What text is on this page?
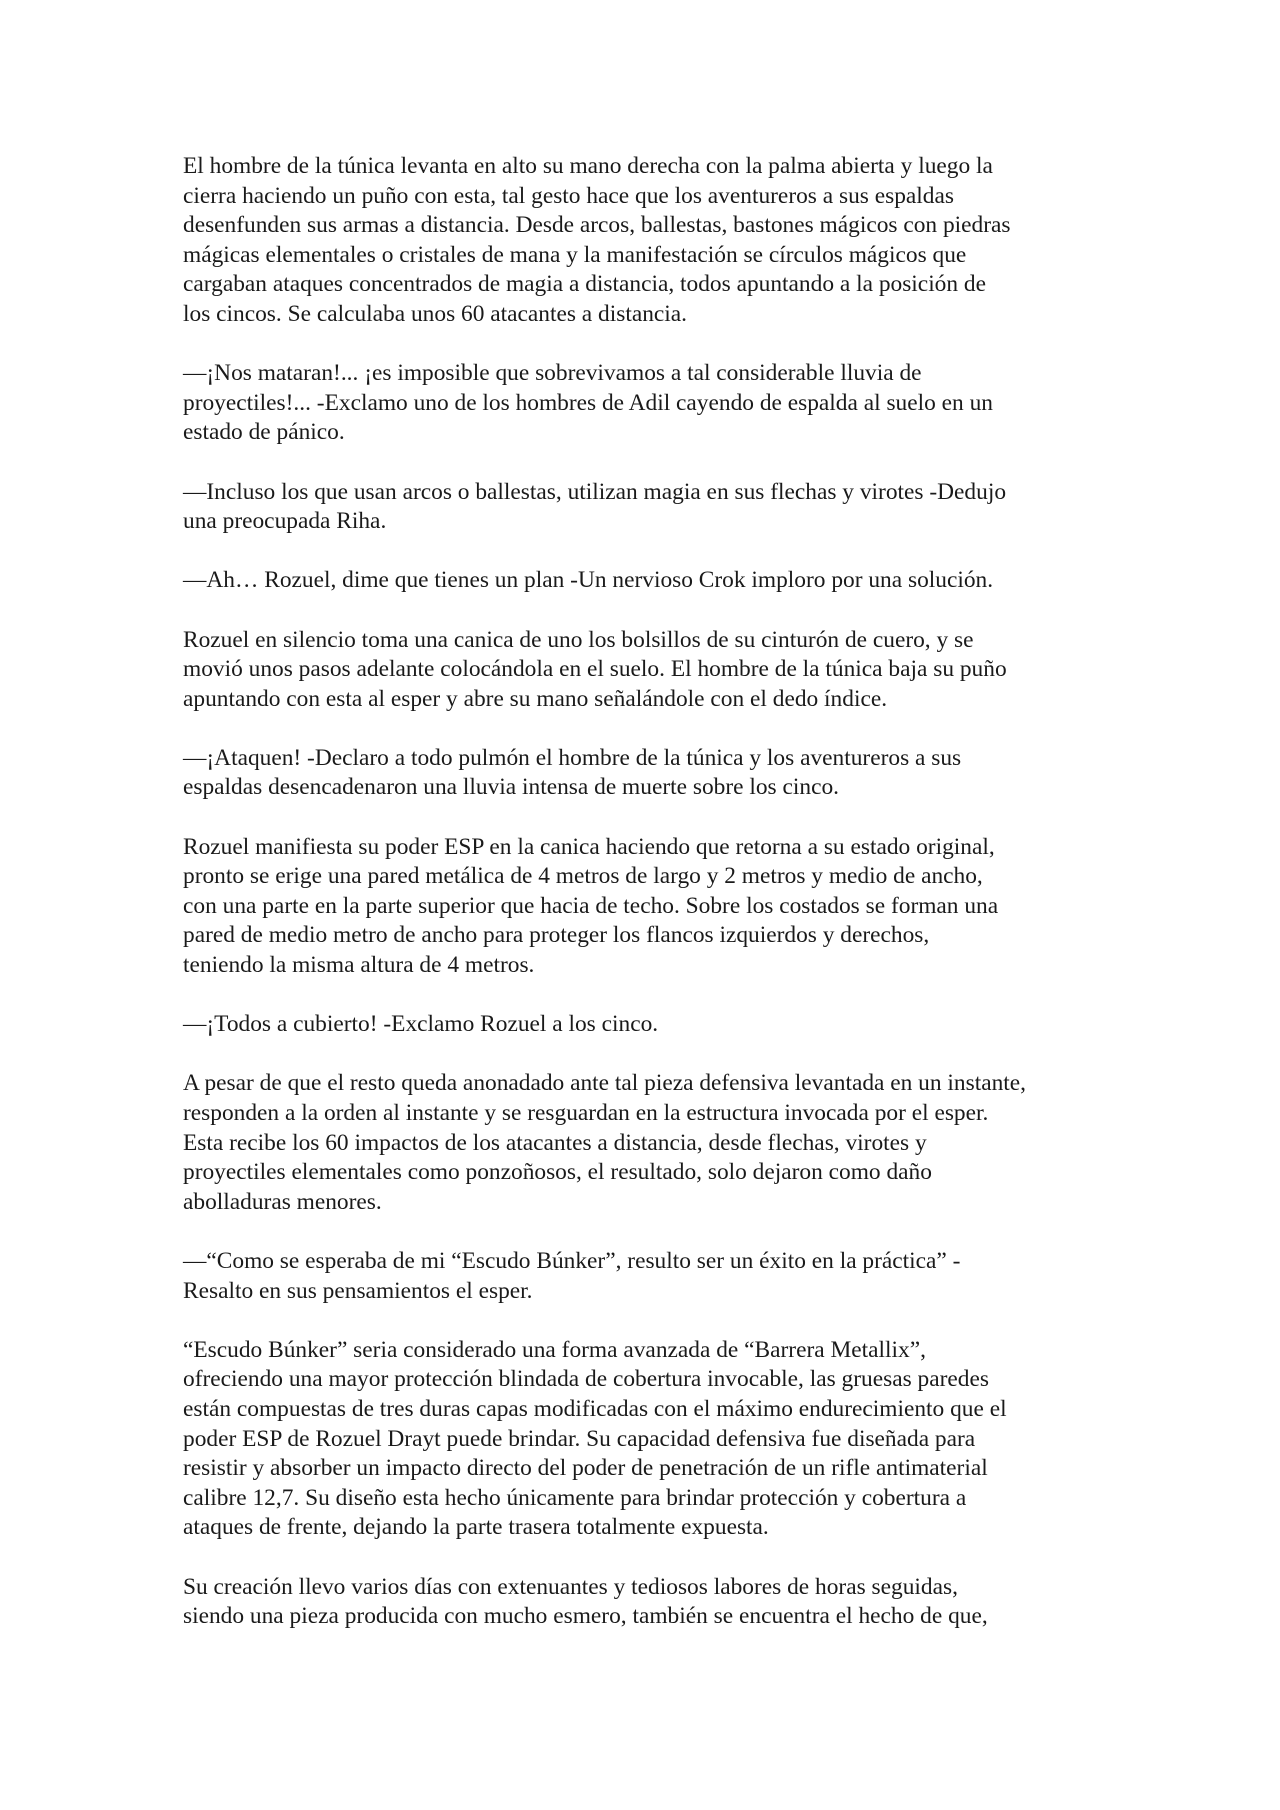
El hombre de la túnica levanta en alto su mano derecha con la palma abierta y luego la
cierra haciendo un puño con esta, tal gesto hace que los aventureros a sus espaldas
desenfunden sus armas a distancia. Desde arcos, ballestas, bastones mágicos con piedras
mágicas elementales o cristales de mana y la manifestación se círculos mágicos que
cargaban ataques concentrados de magia a distancia, todos apuntando a la posición de
los cincos. Se calculaba unos 60 atacantes a distancia.

—¡Nos mataran!... ¡es imposible que sobrevivamos a tal considerable lluvia de
proyectiles!... -Exclamo uno de los hombres de Adil cayendo de espalda al suelo en un
estado de pánico.

—Incluso los que usan arcos o ballestas, utilizan magia en sus flechas y virotes -Dedujo
una preocupada Riha.

—Ah… Rozuel, dime que tienes un plan -Un nervioso Crok imploro por una solución.

Rozuel en silencio toma una canica de uno los bolsillos de su cinturón de cuero, y se
movió unos pasos adelante colocándola en el suelo. El hombre de la túnica baja su puño
apuntando con esta al esper y abre su mano señalándole con el dedo índice.

—¡Ataquen! -Declaro a todo pulmón el hombre de la túnica y los aventureros a sus
espaldas desencadenaron una lluvia intensa de muerte sobre los cinco.

Rozuel manifiesta su poder ESP en la canica haciendo que retorna a su estado original,
pronto se erige una pared metálica de 4 metros de largo y 2 metros y medio de ancho,
con una parte en la parte superior que hacia de techo. Sobre los costados se forman una
pared de medio metro de ancho para proteger los flancos izquierdos y derechos,
teniendo la misma altura de 4 metros.

—¡Todos a cubierto! -Exclamo Rozuel a los cinco.

A pesar de que el resto queda anonadado ante tal pieza defensiva levantada en un instante,
responden a la orden al instante y se resguardan en la estructura invocada por el esper.
Esta recibe los 60 impactos de los atacantes a distancia, desde flechas, virotes y
proyectiles elementales como ponzoñosos, el resultado, solo dejaron como daño
abolladuras menores.

—“Como se esperaba de mi “Escudo Búnker”, resulto ser un éxito en la práctica” -
Resalto en sus pensamientos el esper.

“Escudo Búnker” seria considerado una forma avanzada de “Barrera Metallix”,
ofreciendo una mayor protección blindada de cobertura invocable, las gruesas paredes
están compuestas de tres duras capas modificadas con el máximo endurecimiento que el
poder ESP de Rozuel Drayt puede brindar. Su capacidad defensiva fue diseñada para
resistir y absorber un impacto directo del poder de penetración de un rifle antimaterial
calibre 12,7. Su diseño esta hecho únicamente para brindar protección y cobertura a
ataques de frente, dejando la parte trasera totalmente expuesta.

Su creación llevo varios días con extenuantes y tediosos labores de horas seguidas,
siendo una pieza producida con mucho esmero, también se encuentra el hecho de que,
